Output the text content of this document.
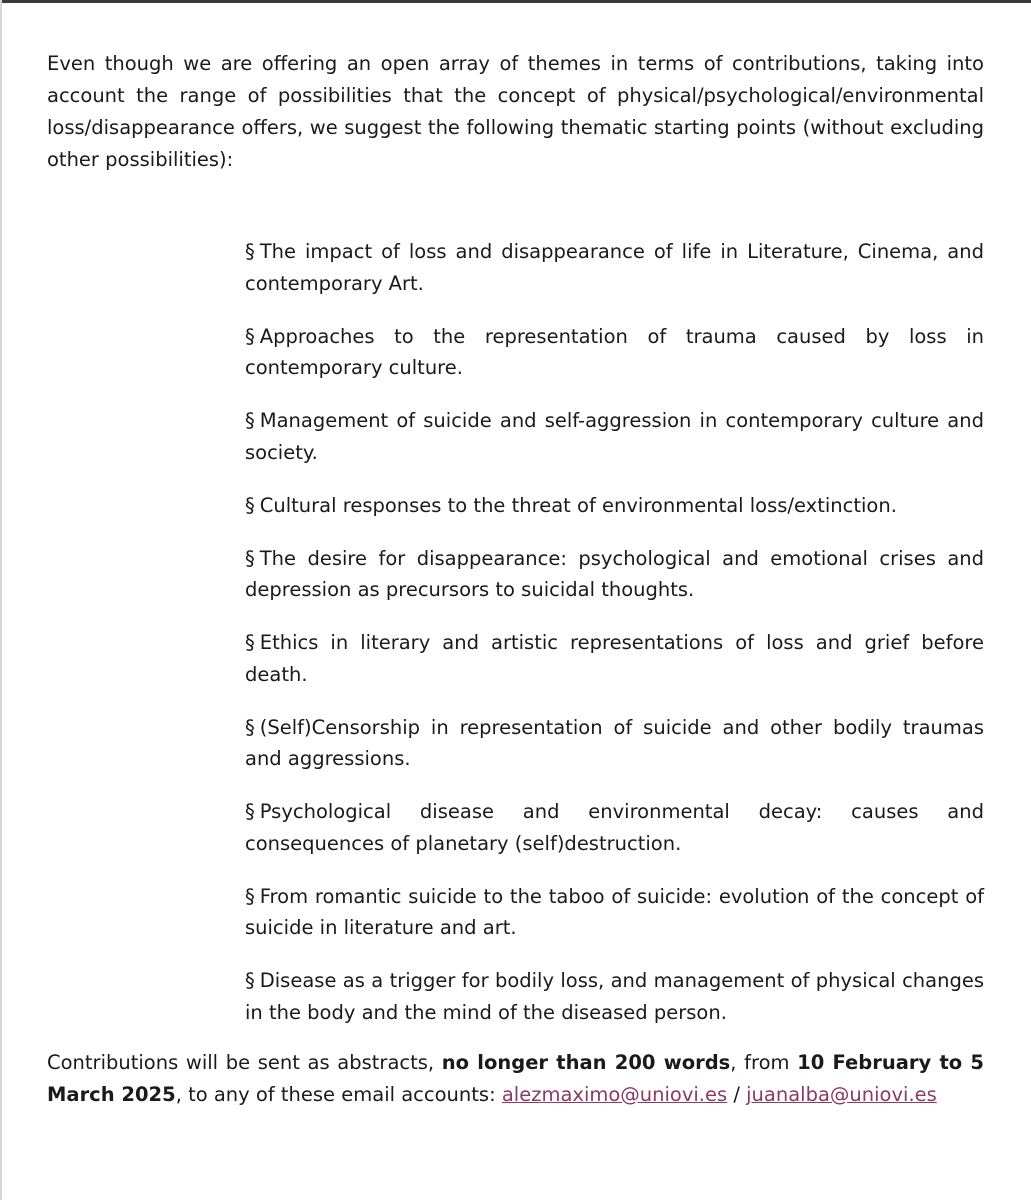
Even though we are offering an open array of themes in terms of contributions, taking into account the range of possibilities that the concept of physical/psychological/environmental loss/disappearance offers, we suggest the following thematic starting points (without excluding other possibilities):

§ The impact of loss and disappearance of life in Literature, Cinema, and contemporary Art.
§ Approaches to the representation of trauma caused by loss in contemporary culture.
§ Management of suicide and self-aggression in contemporary culture and society.
§ Cultural responses to the threat of environmental loss/extinction.
§ The desire for disappearance: psychological and emotional crises and depression as precursors to suicidal thoughts.
§ Ethics in literary and artistic representations of loss and grief before death.
§ (Self)Censorship in representation of suicide and other bodily traumas and aggressions.
§ Psychological disease and environmental decay: causes and consequences of planetary (self)destruction.
§ From romantic suicide to the taboo of suicide: evolution of the concept of suicide in literature and art.
§ Disease as a trigger for bodily loss, and management of physical changes in the body and the mind of the diseased person.

Contributions will be sent as abstracts, no longer than 200 words, from 10 February to 5 March 2025, to any of these email accounts: alezmaximo@uniovi.es / juanalba@uniovi.es
